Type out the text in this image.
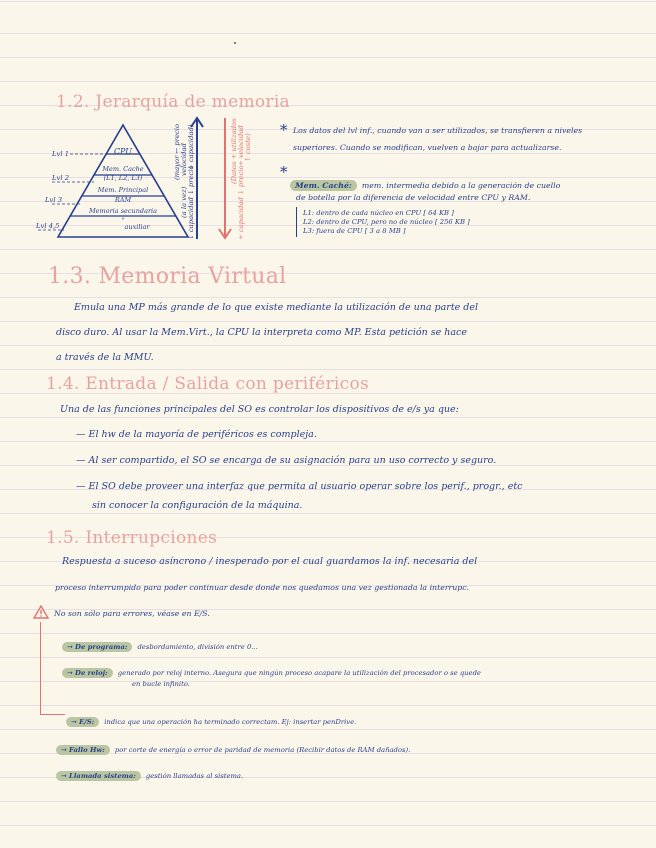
1.2. Jerarquía de memoria
CPU
Mem. Cache
(L1, L2, L3)
Mem. Principal
RAM
Memoria secundaria
+
auxiliar
Lvl 1
Lvl 2
Lvl 3
Lvl 4,5
(mayor ← precio velocidad ↓ capacidad)
(a la vez) ↓ capacidad ↓ precio
(Datos + utilizados + velocidad ↑ coste)
+ capacidad ↓ precio
* Los datos del lvl inf., cuando van a ser utilizados, se transfieren a niveles
superiores. Cuando se modifican, vuelven a bajar para actualizarse.
*
Mem. Caché: mem. intermedia debido a la generación de cuello
de botella por la diferencia de velocidad entre CPU y RAM.
L1: dentro de cada núcleo en CPU [ 64 KB ]
L2: dentro de CPU, pero no de núcleo [ 256 KB ]
L3: fuera de CPU [ 3 a 8 MB ]
1.3. Memoria Virtual
Emula una MP más grande de lo que existe mediante la utilización de una parte del
disco duro. Al usar la Mem.Virt., la CPU la interpreta como MP. Esta petición se hace
a través de la MMU.
1.4. Entrada / Salida con periféricos
Una de las funciones principales del SO es controlar los dispositivos de e/s ya que:
— El hw de la mayoría de periféricos es compleja.
— Al ser compartido, el SO se encarga de su asignación para un uso correcto y seguro.
— El SO debe proveer una interfaz que permita al usuario operar sobre los perif., progr., etc
sin conocer la configuración de la máquina.
1.5. Interrupciones
Respuesta a suceso asíncrono / inesperado por el cual guardamos la inf. necesaria del
proceso interrumpido para poder continuar desde donde nos quedamos una vez gestionada la interrupc.
No son sólo para errores, véase en E/S.
→ De programa: desbordamiento, división entre 0...
→ De reloj: generado por reloj interno. Asegura que ningún proceso acapare la utilización del procesador o se quede
en bucle infinito.
→ E/S: indica que una operación ha terminado correctam. Ej: insertar penDrive.
→ Fallo Hw: por corte de energía o error de paridad de memoria (Recibir datos de RAM dañados).
→ Llamada sistema: gestión llamadas al sistema.
